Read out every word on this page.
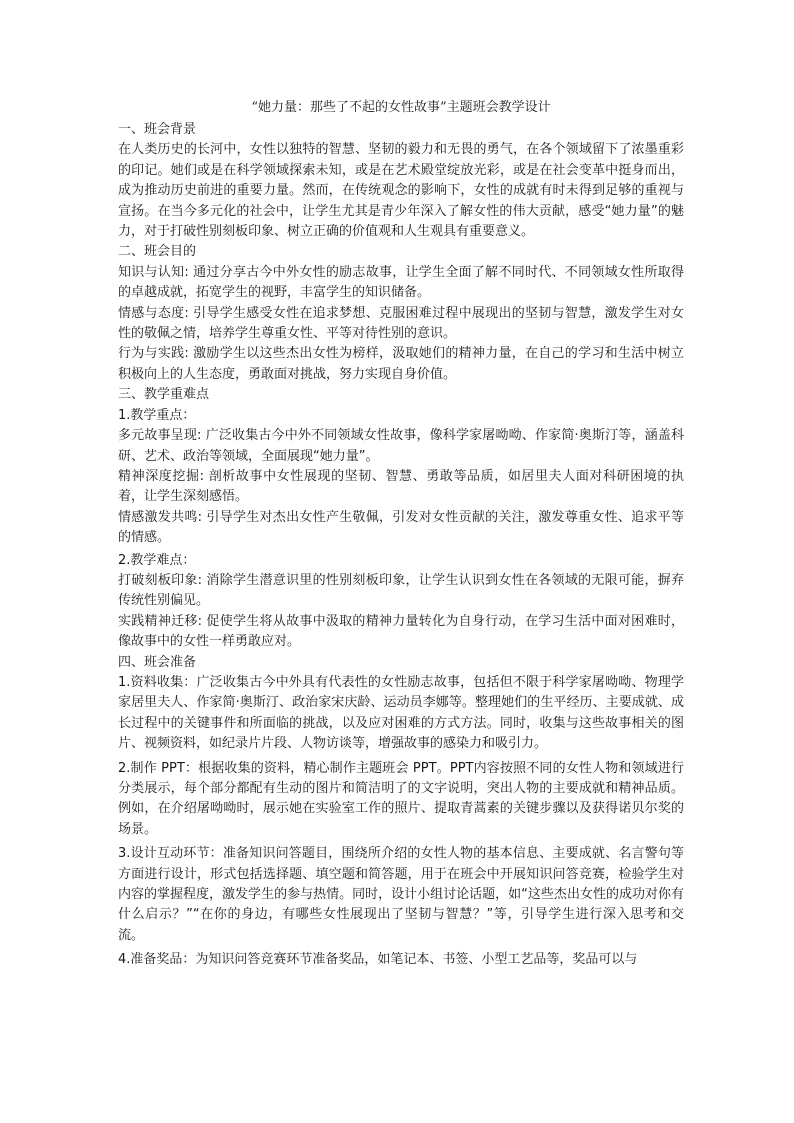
“她力量：那些了不起的女性故事”主题班会教学设计
一、班会背景

在人类历史的长河中，女性以独特的智慧、坚韧的毅力和无畏的勇气，在各个领域留下了浓墨重彩的印记。她们或是在科学领域探索未知，或是在艺术殿堂绽放光彩，或是在社会变革中挺身而出，成为推动历史前进的重要力量。然而，在传统观念的影响下，女性的成就有时未得到足够的重视与宣扬。在当今多元化的社会中，让学生尤其是青少年深入了解女性的伟大贡献，感受“她力量”的魅力，对于打破性别刻板印象、树立正确的价值观和人生观具有重要意义。

二、班会目的

知识与认知: 通过分享古今中外女性的励志故事，让学生全面了解不同时代、不同领域女性所取得的卓越成就，拓宽学生的视野，丰富学生的知识储备。

情感与态度: 引导学生感受女性在追求梦想、克服困难过程中展现出的坚韧与智慧，激发学生对女性的敬佩之情，培养学生尊重女性、平等对待性别的意识。

行为与实践: 激励学生以这些杰出女性为榜样，汲取她们的精神力量，在自己的学习和生活中树立积极向上的人生态度，勇敢面对挑战，努力实现自身价值。

三、教学重难点
1.教学重点：

多元故事呈现: 广泛收集古今中外不同领域女性故事，像科学家屠呦呦、作家简·奥斯汀等，涵盖科研、艺术、政治等领域，全面展现“她力量”。

精神深度挖掘: 剖析故事中女性展现的坚韧、智慧、勇敢等品质，如居里夫人面对科研困境的执着，让学生深刻感悟。

情感激发共鸣: 引导学生对杰出女性产生敬佩，引发对女性贡献的关注，激发尊重女性、追求平等的情感。

2.教学难点：

打破刻板印象: 消除学生潜意识里的性别刻板印象，让学生认识到女性在各领域的无限可能，摒弃传统性别偏见。

实践精神迁移: 促使学生将从故事中汲取的精神力量转化为自身行动，在学习生活中面对困难时，像故事中的女性一样勇敢应对。

四、班会准备

1.资料收集：广泛收集古今中外具有代表性的女性励志故事，包括但不限于科学家屠呦呦、物理学家居里夫人、作家简·奥斯汀、政治家宋庆龄、运动员李娜等。整理她们的生平经历、主要成就、成长过程中的关键事件和所面临的挑战，以及应对困难的方式方法。同时，收集与这些故事相关的图片、视频资料，如纪录片片段、人物访谈等，增强故事的感染力和吸引力。

2.制作 PPT：根据收集的资料，精心制作主题班会 PPT。PPT内容按照不同的女性人物和领域进行分类展示，每个部分都配有生动的图片和简洁明了的文字说明，突出人物的主要成就和精神品质。例如，在介绍屠呦呦时，展示她在实验室工作的照片、提取青蒿素的关键步骤以及获得诺贝尔奖的场景。

3.设计互动环节：准备知识问答题目，围绕所介绍的女性人物的基本信息、主要成就、名言警句等方面进行设计，形式包括选择题、填空题和简答题，用于在班会中开展知识问答竞赛，检验学生对内容的掌握程度，激发学生的参与热情。同时，设计小组讨论话题，如“这些杰出女性的成功对你有什么启示？”“在你的身边，有哪些女性展现出了坚韧与智慧？”等，引导学生进行深入思考和交流。

4.准备奖品：为知识问答竞赛环节准备奖品，如笔记本、书签、小型工艺品等，奖品可以与
